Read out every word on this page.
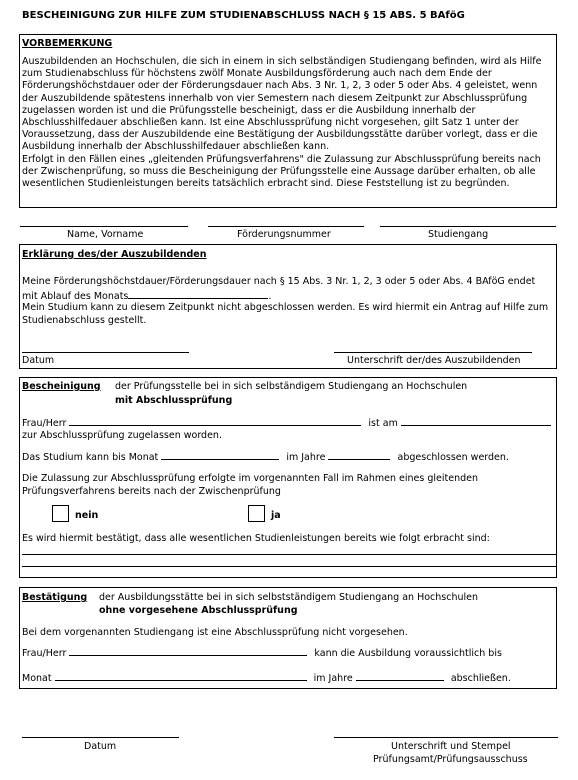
BESCHEINIGUNG ZUR HILFE ZUM STUDIENABSCHLUSS NACH § 15 ABS. 5 BAföG
VORBEMERKUNG
Auszubildenden an Hochschulen, die sich in einem in sich selbständigen Studiengang befinden, wird als Hilfe
zum Studienabschluss für höchstens zwölf Monate Ausbildungsförderung auch nach dem Ende der
Förderungshöchstdauer oder der Förderungsdauer nach Abs. 3 Nr. 1, 2, 3 oder 5 oder Abs. 4 geleistet, wenn
der Auszubildende spätestens innerhalb von vier Semestern nach diesem Zeitpunkt zur Abschlussprüfung
zugelassen worden ist und die Prüfungsstelle bescheinigt, dass er die Ausbildung innerhalb der
Abschlusshilfedauer abschließen kann. Ist eine Abschlussprüfung nicht vorgesehen, gilt Satz 1 unter der
Voraussetzung, dass der Auszubildende eine Bestätigung der Ausbildungsstätte darüber vorlegt, dass er die
Ausbildung innerhalb der Abschlusshilfedauer abschließen kann.
Erfolgt in den Fällen eines „gleitenden Prüfungsverfahrens" die Zulassung zur Abschlussprüfung bereits nach
der Zwischenprüfung, so muss die Bescheinigung der Prüfungsstelle eine Aussage darüber erhalten, ob alle
wesentlichen Studienleistungen bereits tatsächlich erbracht sind. Diese Feststellung ist zu begründen.
Name, Vorname	Förderungsnummer	Studiengang
Erklärung des/der Auszubildenden
Meine Förderungshöchstdauer/Förderungsdauer nach § 15 Abs. 3 Nr. 1, 2, 3 oder 5 oder Abs. 4 BAföG endet
mit Ablauf des Monats	.
Mein Studium kann zu diesem Zeitpunkt nicht abgeschlossen werden. Es wird hiermit ein Antrag auf Hilfe zum
Studienabschluss gestellt.
Datum	Unterschrift der/des Auszubildenden
Bescheinigung der Prüfungsstelle bei in sich selbständigem Studiengang an Hochschulen
mit Abschlussprüfung
Frau/Herr	ist am
zur Abschlussprüfung zugelassen worden.
Das Studium kann bis Monat	im Jahre	abgeschlossen werden.
Die Zulassung zur Abschlussprüfung erfolgte im vorgenannten Fall im Rahmen eines gleitenden
Prüfungsverfahrens bereits nach der Zwischenprüfung
nein	ja
Es wird hiermit bestätigt, dass alle wesentlichen Studienleistungen bereits wie folgt erbracht sind:
Bestätigung der Ausbildungsstätte bei in sich selbstständigem Studiengang an Hochschulen
ohne vorgesehene Abschlussprüfung
Bei dem vorgenannten Studiengang ist eine Abschlussprüfung nicht vorgesehen.
Frau/Herr	kann die Ausbildung voraussichtlich bis
Monat	im Jahre	abschließen.
Datum	Unterschrift und Stempel
Prüfungsamt/Prüfungsausschuss
